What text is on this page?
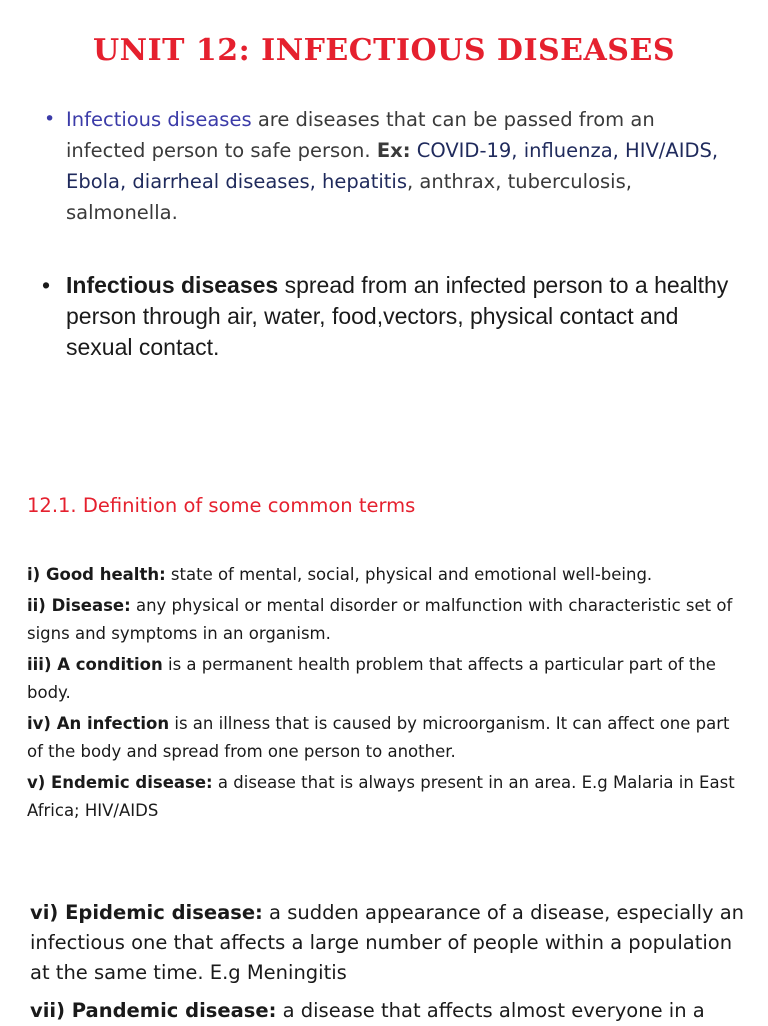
UNIT 12: INFECTIOUS DISEASES
• Infectious diseases are diseases that can be passed from an infected person to safe person. Ex: COVID-19, influenza, HIV/AIDS, Ebola, diarrheal diseases, hepatitis, anthrax, tuberculosis, salmonella.
• Infectious diseases spread from an infected person to a healthy person through air, water, food,vectors, physical contact and sexual contact.
12.1. Definition of some common terms
i) Good health: state of mental, social, physical and emotional well-being.
ii) Disease: any physical or mental disorder or malfunction with characteristic set of signs and symptoms in an organism.
iii) A condition is a permanent health problem that affects a particular part of the body.
iv) An infection is an illness that is caused by microorganism. It can affect one part of the body and spread from one person to another.
v) Endemic disease: a disease that is always present in an area. E.g Malaria in East Africa; HIV/AIDS
vi) Epidemic disease: a sudden appearance of a disease, especially an infectious one that affects a large number of people within a population at the same time. E.g Meningitis
vii) Pandemic disease: a disease that affects almost everyone in a
